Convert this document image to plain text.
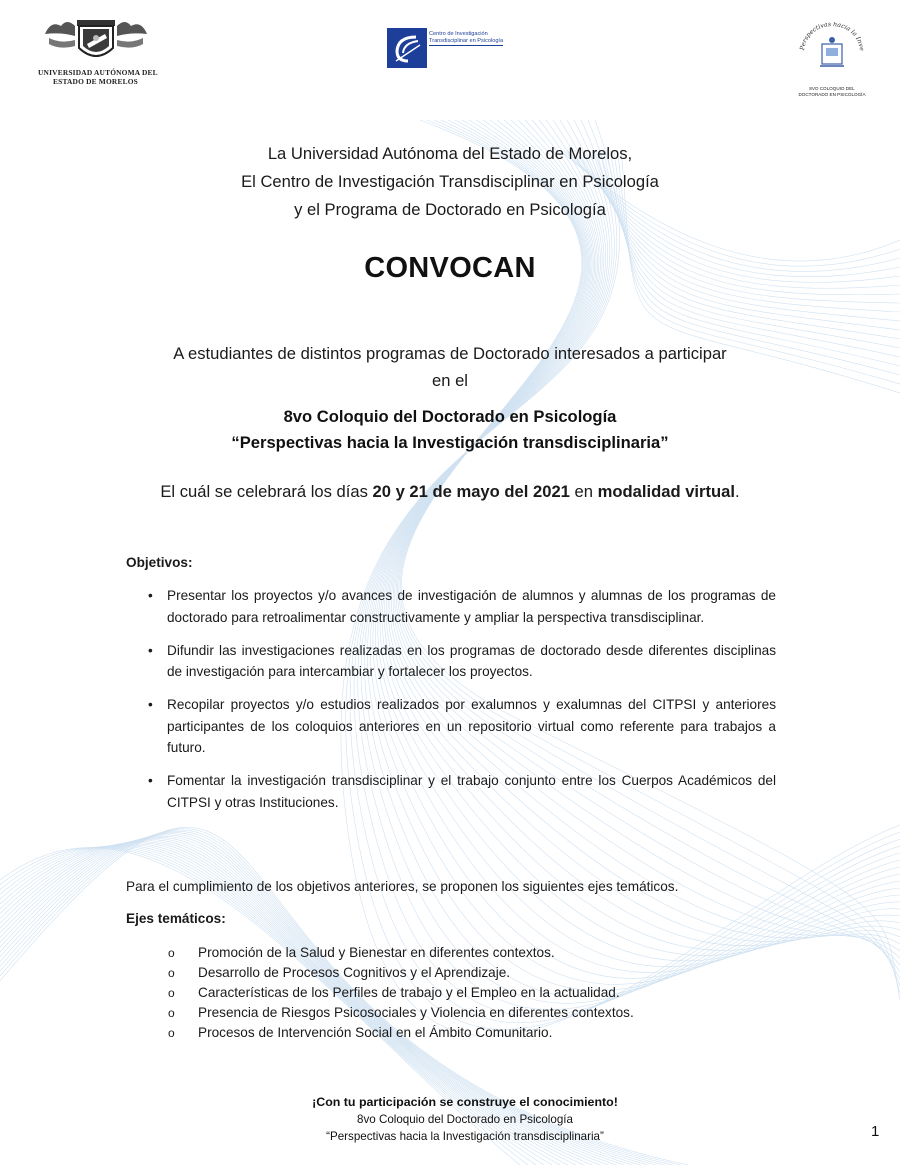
UNIVERSIDAD AUTÓNOMA DEL
ESTADO DE MORELOS
Centro de Investigación
Transdisciplinar en Psicología
Perspectivas hacia la Inve
8VO COLOQUIO DEL
DOCTORADO EN PSICOLOGÍA
La Universidad Autónoma del Estado de Morelos,
El Centro de Investigación Transdisciplinar en Psicología
y el Programa de Doctorado en Psicología
CONVOCAN
A estudiantes de distintos programas de Doctorado interesados a participar
en el
8vo Coloquio del Doctorado en Psicología
“Perspectivas hacia la Investigación transdisciplinaria”
El cuál se celebrará los días 20 y 21 de mayo del 2021 en modalidad virtual.
Objetivos:
• Presentar los proyectos y/o avances de investigación de alumnos y alumnas de los programas de doctorado para retroalimentar constructivamente y ampliar la perspectiva transdisciplinar.
• Difundir las investigaciones realizadas en los programas de doctorado desde diferentes disciplinas de investigación para intercambiar y fortalecer los proyectos.
• Recopilar proyectos y/o estudios realizados por exalumnos y exalumnas del CITPSI y anteriores participantes de los coloquios anteriores en un repositorio virtual como referente para trabajos a futuro.
• Fomentar la investigación transdisciplinar y el trabajo conjunto entre los Cuerpos Académicos del CITPSI y otras Instituciones.
Para el cumplimiento de los objetivos anteriores, se proponen los siguientes ejes temáticos.
Ejes temáticos:
o Promoción de la Salud y Bienestar en diferentes contextos.
o Desarrollo de Procesos Cognitivos y el Aprendizaje.
o Características de los Perfiles de trabajo y el Empleo en la actualidad.
o Presencia de Riesgos Psicosociales y Violencia en diferentes contextos.
o Procesos de Intervención Social en el Ámbito Comunitario.
¡Con tu participación se construye el conocimiento!
8vo Coloquio del Doctorado en Psicología
“Perspectivas hacia la Investigación transdisciplinaria”	1
